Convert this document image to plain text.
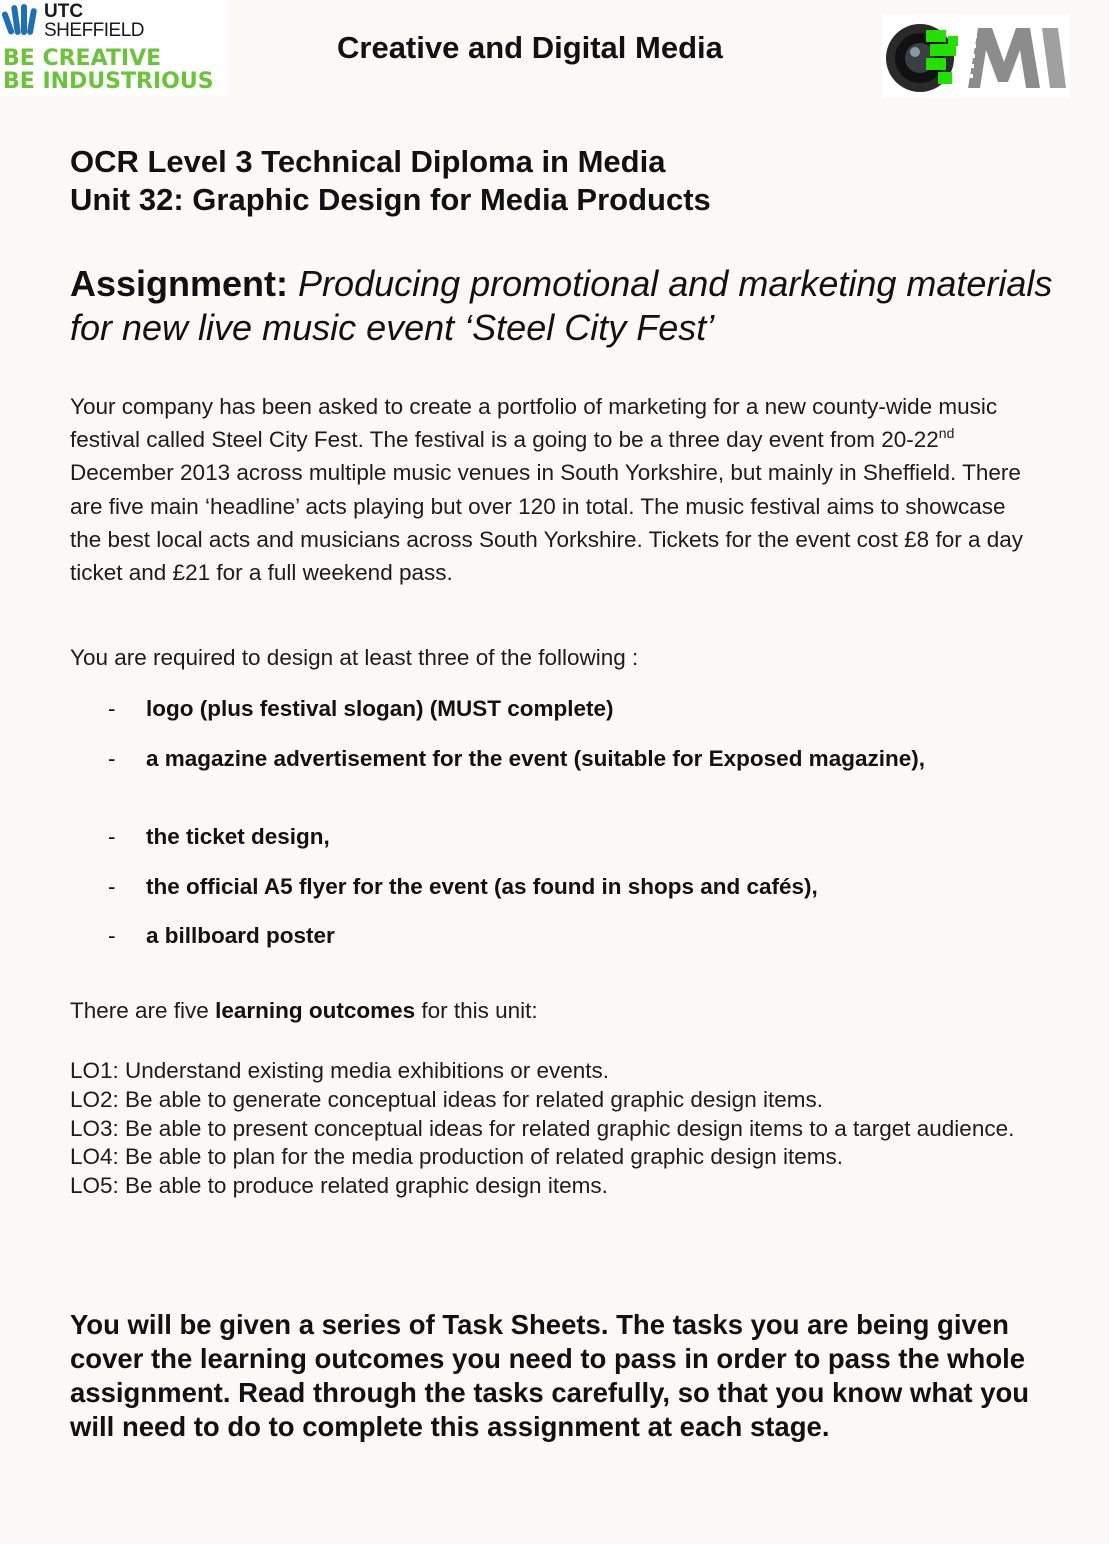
UTC
SHEFFIELD
BE CREATIVE
BE INDUSTRIOUS
Creative and Digital Media
OCR Level 3 Technical Diploma in Media
Unit 32: Graphic Design for Media Products
Assignment: Producing promotional and marketing materials for new live music event ‘Steel City Fest’
Your company has been asked to create a portfolio of marketing for a new county-wide music festival called Steel City Fest. The festival is a going to be a three day event from 20-22nd December 2013 across multiple music venues in South Yorkshire, but mainly in Sheffield. There are five main ‘headline’ acts playing but over 120 in total. The music festival aims to showcase the best local acts and musicians across South Yorkshire. Tickets for the event cost £8 for a day ticket and £21 for a full weekend pass.
You are required to design at least three of the following :
- logo (plus festival slogan) (MUST complete)
- a magazine advertisement for the event (suitable for Exposed magazine),
- the ticket design,
- the official A5 flyer for the event (as found in shops and cafés),
- a billboard poster
There are five learning outcomes for this unit:
LO1: Understand existing media exhibitions or events.
LO2: Be able to generate conceptual ideas for related graphic design items.
LO3: Be able to present conceptual ideas for related graphic design items to a target audience.
LO4: Be able to plan for the media production of related graphic design items.
LO5: Be able to produce related graphic design items.
You will be given a series of Task Sheets. The tasks you are being given cover the learning outcomes you need to pass in order to pass the whole assignment. Read through the tasks carefully, so that you know what you will need to do to complete this assignment at each stage.
